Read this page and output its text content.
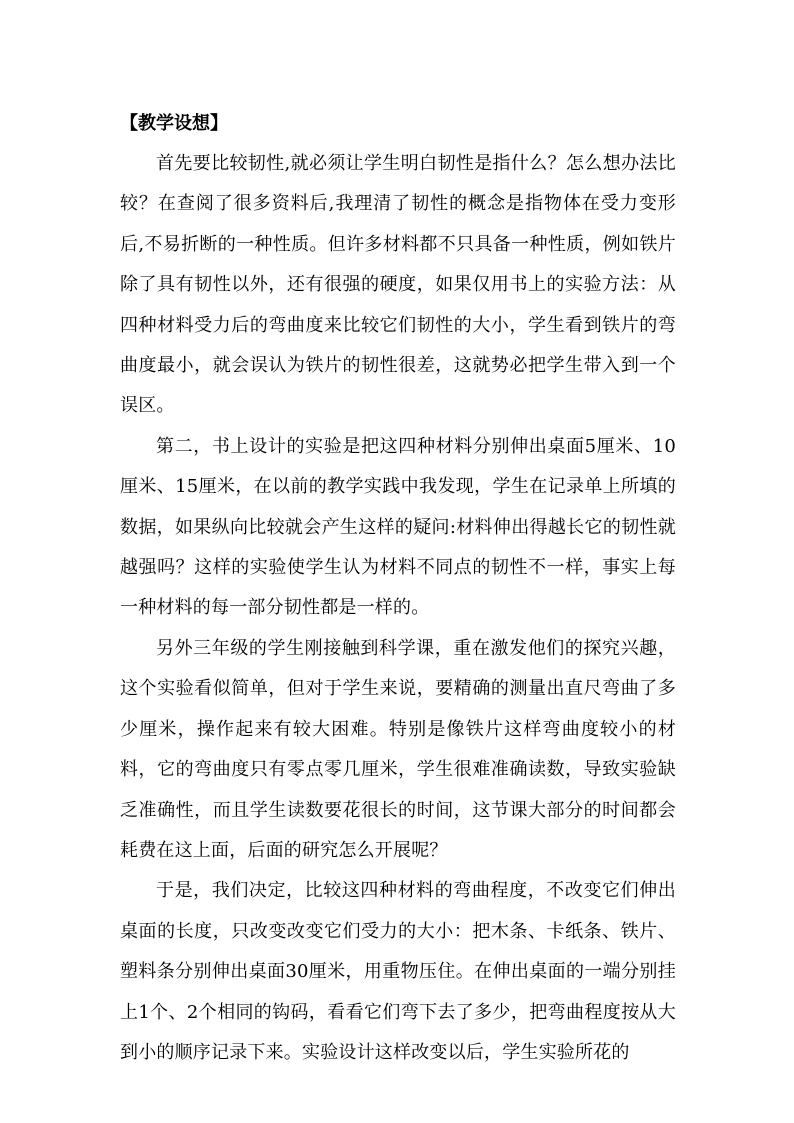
【教学设想】

首先要比较韧性,就必须让学生明白韧性是指什么？怎么想办法比较？在查阅了很多资料后,我理清了韧性的概念是指物体在受力变形后,不易折断的一种性质。但许多材料都不只具备一种性质，例如铁片除了具有韧性以外，还有很强的硬度，如果仅用书上的实验方法：从四种材料受力后的弯曲度来比较它们韧性的大小，学生看到铁片的弯曲度最小，就会误认为铁片的韧性很差，这就势必把学生带入到一个误区。

第二，书上设计的实验是把这四种材料分别伸出桌面5厘米、10厘米、15厘米，在以前的教学实践中我发现，学生在记录单上所填的数据，如果纵向比较就会产生这样的疑问:材料伸出得越长它的韧性就越强吗？这样的实验使学生认为材料不同点的韧性不一样，事实上每一种材料的每一部分韧性都是一样的。

另外三年级的学生刚接触到科学课，重在激发他们的探究兴趣，这个实验看似简单，但对于学生来说，要精确的测量出直尺弯曲了多少厘米，操作起来有较大困难。特别是像铁片这样弯曲度较小的材料，它的弯曲度只有零点零几厘米，学生很难准确读数，导致实验缺乏准确性，而且学生读数要花很长的时间，这节课大部分的时间都会耗费在这上面，后面的研究怎么开展呢？

于是，我们决定，比较这四种材料的弯曲程度，不改变它们伸出桌面的长度，只改变改变它们受力的大小：把木条、卡纸条、铁片、塑料条分别伸出桌面30厘米，用重物压住。在伸出桌面的一端分别挂上1个、2个相同的钩码，看看它们弯下去了多少，把弯曲程度按从大到小的顺序记录下来。实验设计这样改变以后，学生实验所花的
